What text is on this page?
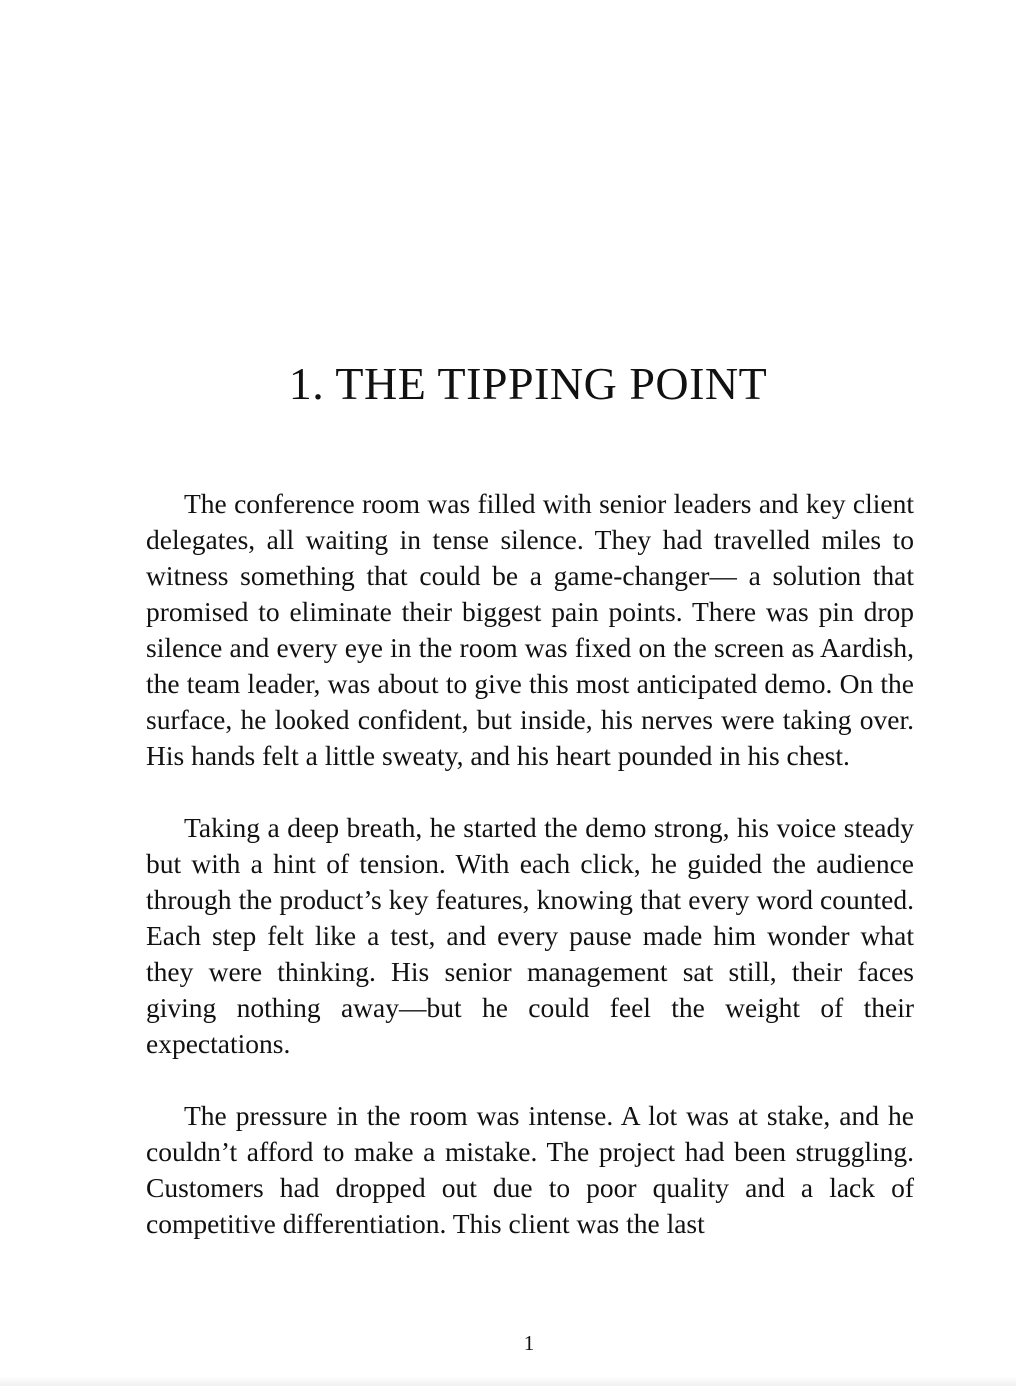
1. THE TIPPING POINT

The conference room was filled with senior leaders and key client delegates, all waiting in tense silence. They had travelled miles to witness something that could be a game-changer— a solution that promised to eliminate their biggest pain points. There was pin drop silence and every eye in the room was fixed on the screen as Aardish, the team leader, was about to give this most anticipated demo. On the surface, he looked confident, but inside, his nerves were taking over. His hands felt a little sweaty, and his heart pounded in his chest.

Taking a deep breath, he started the demo strong, his voice steady but with a hint of tension. With each click, he guided the audience through the product’s key features, knowing that every word counted. Each step felt like a test, and every pause made him wonder what they were thinking. His senior management sat still, their faces giving nothing away—but he could feel the weight of their expectations.

The pressure in the room was intense. A lot was at stake, and he couldn’t afford to make a mistake. The project had been struggling. Customers had dropped out due to poor quality and a lack of competitive differentiation. This client was the last

1
